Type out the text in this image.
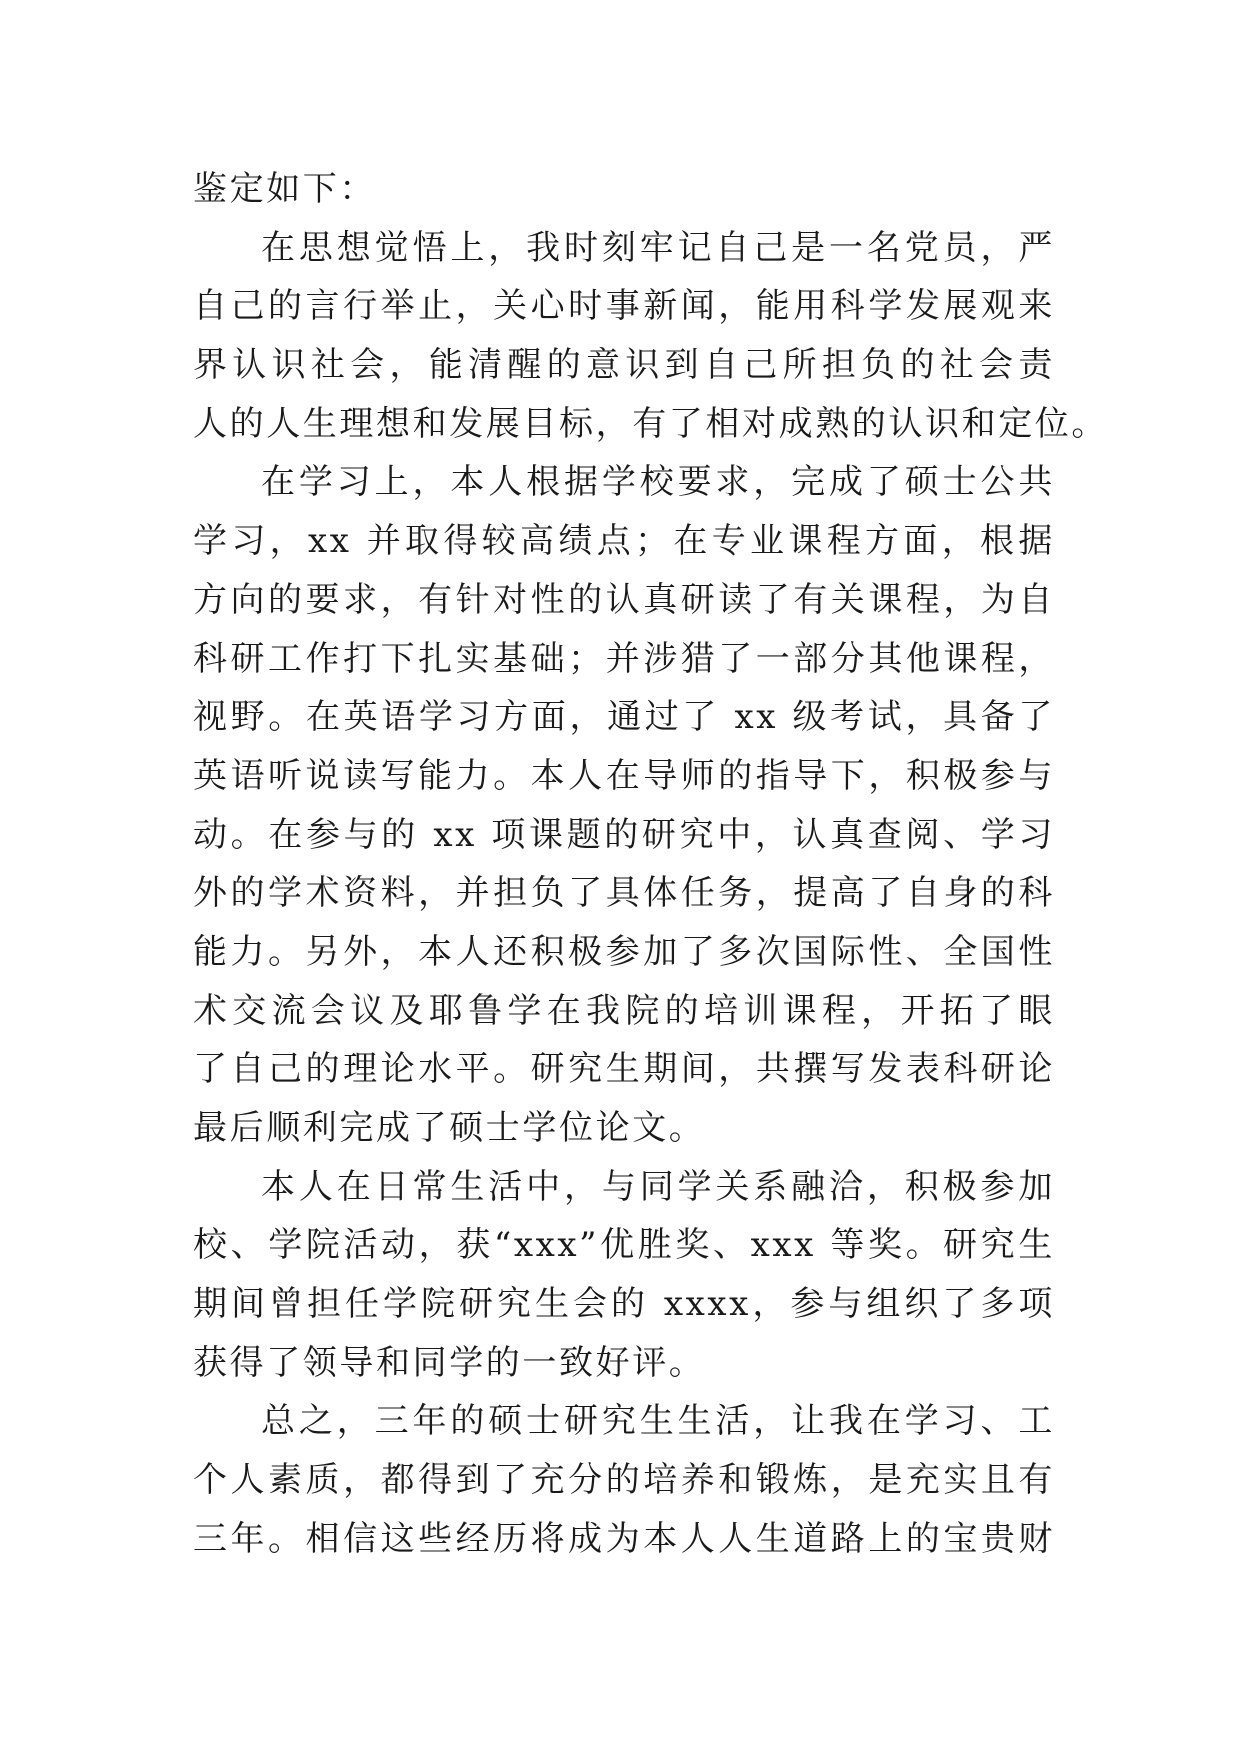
鉴定如下：
在思想觉悟上，我时刻牢记自己是一名党员，严
自己的言行举止，关心时事新闻，能用科学发展观来
界认识社会，能清醒的意识到自己所担负的社会责
人的人生理想和发展目标，有了相对成熟的认识和定位。
在学习上，本人根据学校要求，完成了硕士公共
学习，xx 并取得较高绩点；在专业课程方面，根据
方向的要求，有针对性的认真研读了有关课程，为自
科研工作打下扎实基础；并涉猎了一部分其他课程，
视野。在英语学习方面，通过了 xx 级考试，具备了
英语听说读写能力。本人在导师的指导下，积极参与
动。在参与的 xx 项课题的研究中，认真查阅、学习
外的学术资料，并担负了具体任务，提高了自身的科
能力。另外，本人还积极参加了多次国际性、全国性
术交流会议及耶鲁学在我院的培训课程，开拓了眼
了自己的理论水平。研究生期间，共撰写发表科研论
最后顺利完成了硕士学位论文。
本人在日常生活中，与同学关系融洽，积极参加
校、学院活动，获“xxx”优胜奖、xxx 等奖。研究生
期间曾担任学院研究生会的 xxxx，参与组织了多项
获得了领导和同学的一致好评。
总之，三年的硕士研究生生活，让我在学习、工
个人素质，都得到了充分的培养和锻炼，是充实且有
三年。相信这些经历将成为本人人生道路上的宝贵财
